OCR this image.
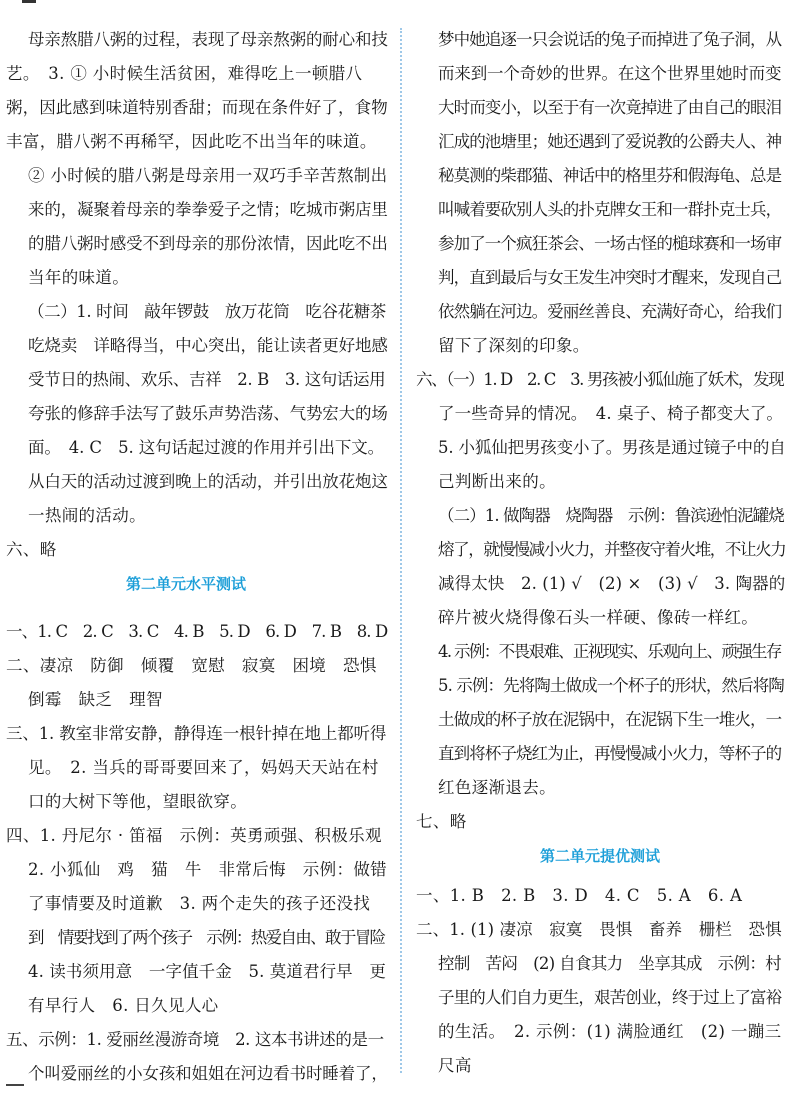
母亲熬腊八粥的过程，表现了母亲熬粥的耐心和技
艺。　3. ① 小时候生活贫困，难得吃上一顿腊八
粥，因此感到味道特别香甜；而现在条件好了，食物
丰富，腊八粥不再稀罕，因此吃不出当年的味道。
② 小时候的腊八粥是母亲用一双巧手辛苦熬制出
来的，凝聚着母亲的拳拳爱子之情；吃城市粥店里
的腊八粥时感受不到母亲的那份浓情，因此吃不出
当年的味道。
（二）1. 时间　敲年锣鼓　放万花筒　吃谷花糖茶
吃烧卖　详略得当，中心突出，能让读者更好地感
受节日的热闹、欢乐、吉祥　2. B　3. 这句话运用
夸张的修辞手法写了鼓乐声势浩荡、气势宏大的场
面。　4. C　5. 这句话起过渡的作用并引出下文。
从白天的活动过渡到晚上的活动，并引出放花炮这
一热闹的活动。
六、略
第二单元水平测试
一、1. C　2. C　3. C　4. B　5. D　6. D　7. B　8. D
二、凄凉　防御　倾覆　宽慰　寂寞　困境　恐惧
倒霉　缺乏　理智
三、1. 教室非常安静，静得连一根针掉在地上都听得
见。　2. 当兵的哥哥要回来了，妈妈天天站在村
口的大树下等他，望眼欲穿。
四、1. 丹尼尔 · 笛福　示例：英勇顽强、积极乐观
2. 小狐仙　鸡　猫　牛　非常后悔　示例：做错
了事情要及时道歉　3. 两个走失的孩子还没找
到　情要找到了两个孩子　示例：热爱自由、敢于冒险
4. 读书须用意　一字值千金　5. 莫道君行早　更
有早行人　6. 日久见人心
五、示例：1. 爱丽丝漫游奇境　2. 这本书讲述的是一
个叫爱丽丝的小女孩和姐姐在河边看书时睡着了，
梦中她追逐一只会说话的兔子而掉进了兔子洞，从
而来到一个奇妙的世界。在这个世界里她时而变
大时而变小，以至于有一次竟掉进了由自己的眼泪
汇成的池塘里；她还遇到了爱说教的公爵夫人、神
秘莫测的柴郡猫、神话中的格里芬和假海龟、总是
叫喊着要砍别人头的扑克牌女王和一群扑克士兵，
参加了一个疯狂茶会、一场古怪的槌球赛和一场审
判，直到最后与女王发生冲突时才醒来，发现自己
依然躺在河边。爱丽丝善良、充满好奇心，给我们
留下了深刻的印象。
六、（一）1. D　2. C　3. 男孩被小狐仙施了妖术，发现
了一些奇异的情况。　4. 桌子、椅子都变大了。
5. 小狐仙把男孩变小了。男孩是通过镜子中的自
己判断出来的。
（二）1. 做陶器　烧陶器　示例：鲁滨逊怕泥罐烧
熔了，就慢慢减小火力，并整夜守着火堆，不让火力
减得太快　2. (1) √　(2) ×　(3) √　3. 陶器的
碎片被火烧得像石头一样硬、像砖一样红。
4. 示例：不畏艰难、正视现实、乐观向上、顽强生存
5. 示例：先将陶土做成一个杯子的形状，然后将陶
土做成的杯子放在泥锅中，在泥锅下生一堆火，一
直到将杯子烧红为止，再慢慢减小火力，等杯子的
红色逐渐退去。
七、略
第二单元提优测试
一、1. B　2. B　3. D　4. C　5. A　6. A
二、1. (1) 凄凉　寂寞　畏惧　畜养　栅栏　恐惧
控制　苦闷　(2) 自食其力　坐享其成　示例：村
子里的人们自力更生，艰苦创业，终于过上了富裕
的生活。　2. 示例：(1) 满脸通红　(2) 一蹦三
尺高
